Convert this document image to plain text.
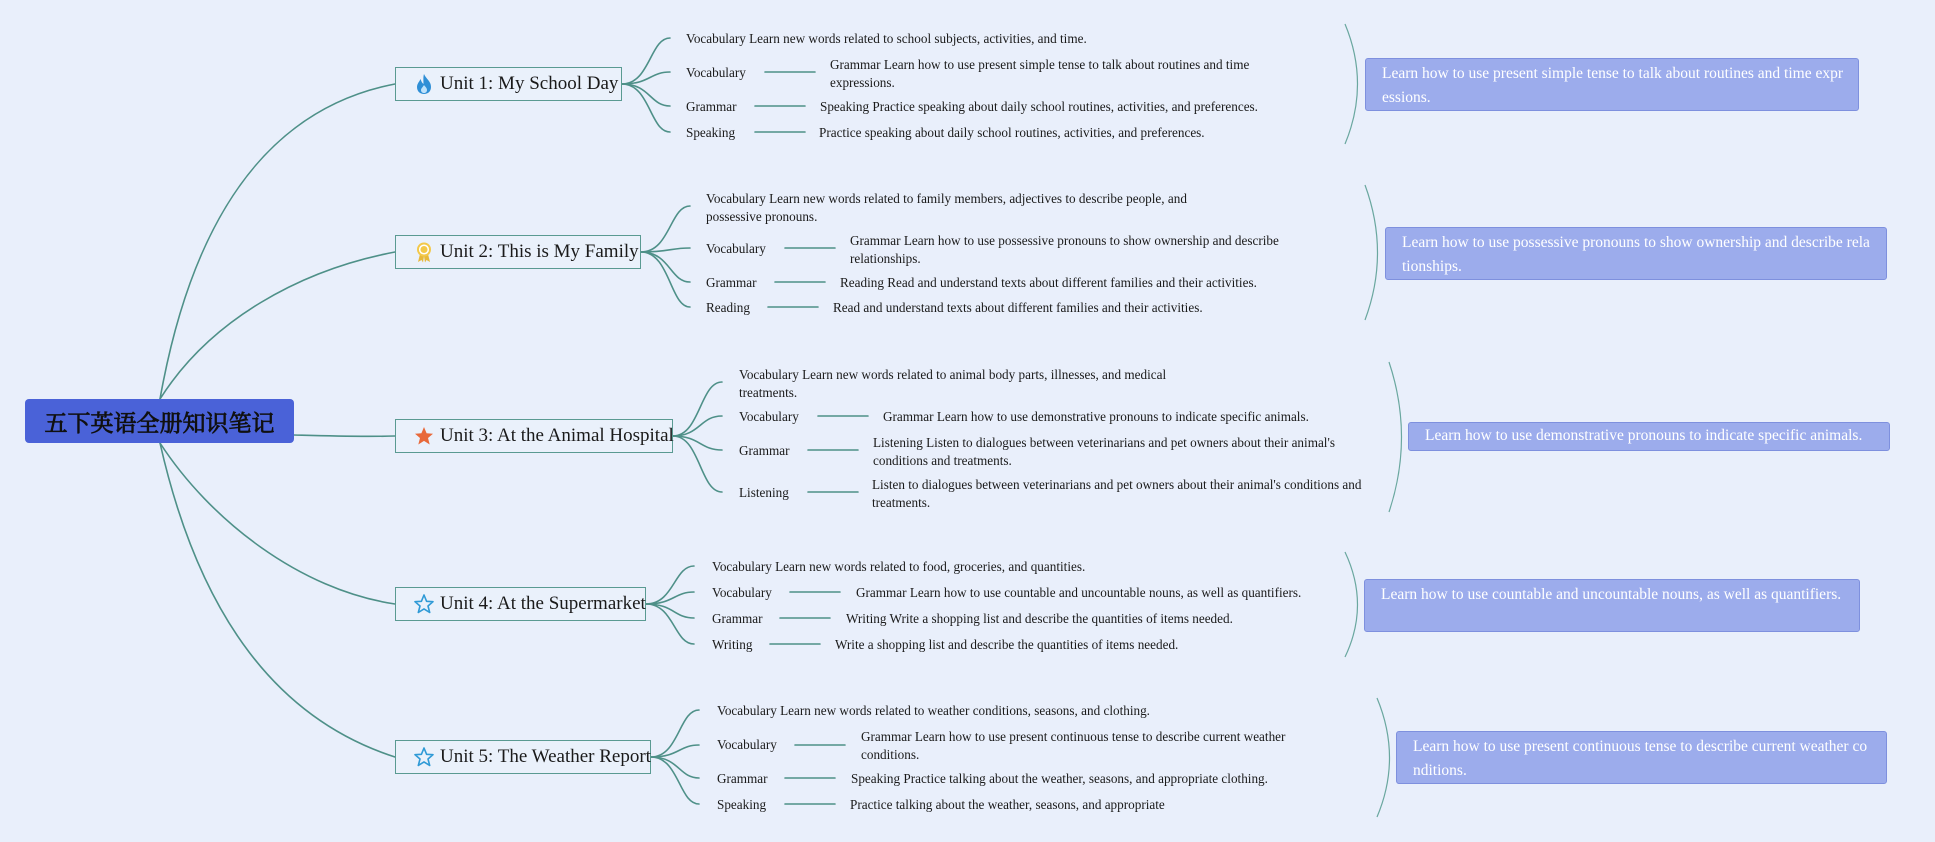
五下英语全册知识笔记
Unit 1: My School Day
Vocabulary Learn new words related to school subjects, activities, and time.
Vocabulary
Grammar Learn how to use present simple tense to talk about routines and time expressions.
Grammar	Speaking Practice speaking about daily school routines, activities, and preferences.
Speaking	Practice speaking about daily school routines, activities, and preferences.
Learn how to use present simple tense to talk about routines and time expressions.
Unit 2: This is My Family
Vocabulary Learn new words related to family members, adjectives to describe people, and possessive pronouns.
Vocabulary
Grammar Learn how to use possessive pronouns to show ownership and describe relationships.
Grammar	Reading Read and understand texts about different families and their activities.
Reading	Read and understand texts about different families and their activities.
Learn how to use possessive pronouns to show ownership and describe relationships.
Unit 3: At the Animal Hospital
Vocabulary Learn new words related to animal body parts, illnesses, and medical treatments.
Vocabulary	Grammar Learn how to use demonstrative pronouns to indicate specific animals.
Grammar
Listening Listen to dialogues between veterinarians and pet owners about their animal's conditions and treatments.
Listening
Listen to dialogues between veterinarians and pet owners about their animal's conditions and treatments.
Learn how to use demonstrative pronouns to indicate specific animals.
Unit 4: At the Supermarket
Vocabulary Learn new words related to food, groceries, and quantities.
Vocabulary	Grammar Learn how to use countable and uncountable nouns, as well as quantifiers.
Grammar	Writing Write a shopping list and describe the quantities of items needed.
Writing	Write a shopping list and describe the quantities of items needed.
Learn how to use countable and uncountable nouns, as well as quantifiers.
Unit 5: The Weather Report
Vocabulary Learn new words related to weather conditions, seasons, and clothing.
Vocabulary
Grammar Learn how to use present continuous tense to describe current weather conditions.
Grammar	Speaking Practice talking about the weather, seasons, and appropriate clothing.
Speaking	Practice talking about the weather, seasons, and appropriate
Learn how to use present continuous tense to describe current weather conditions.
